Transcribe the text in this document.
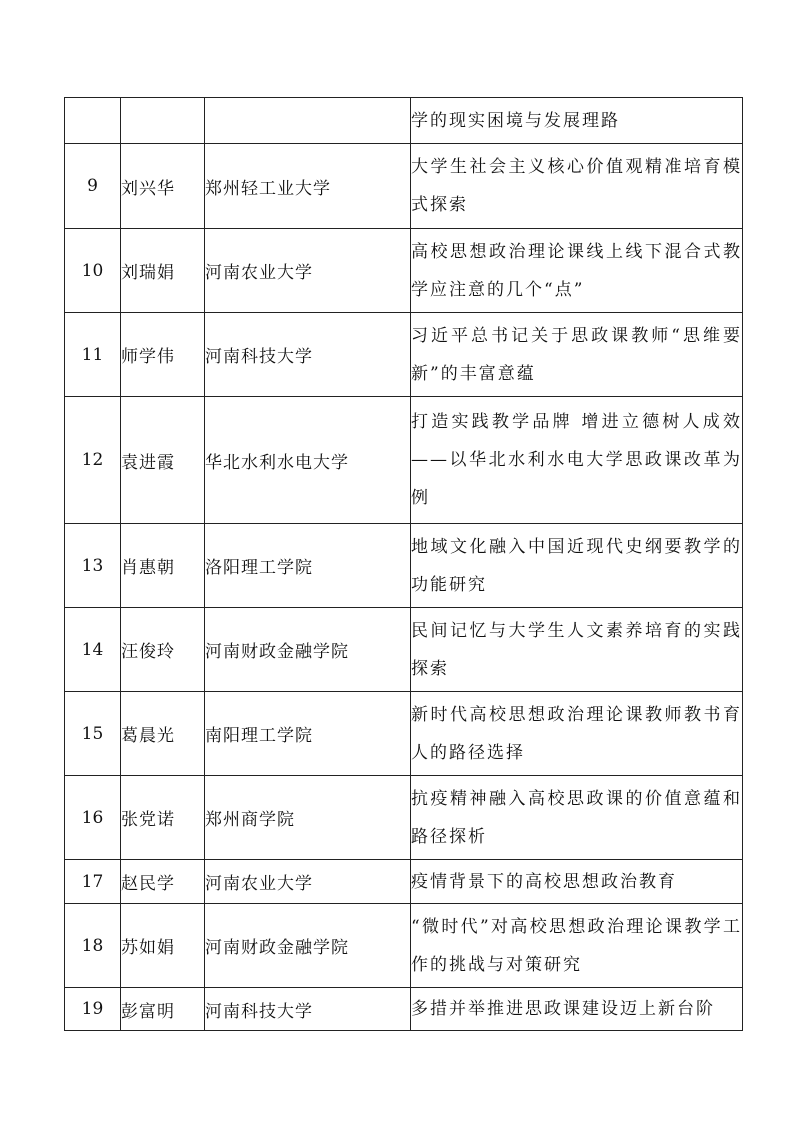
			学的现实困境与发展理路
9	刘兴华	郑州轻工业大学	大学生社会主义核心价值观精准培育模式探索
10	刘瑞娟	河南农业大学	高校思想政治理论课线上线下混合式教学应注意的几个“点”
11	师学伟	河南科技大学	习近平总书记关于思政课教师“思维要新”的丰富意蕴
12	袁进霞	华北水利水电大学	打造实践教学品牌 增进立德树人成效——以华北水利水电大学思政课改革为例
13	肖惠朝	洛阳理工学院	地域文化融入中国近现代史纲要教学的功能研究
14	汪俊玲	河南财政金融学院	民间记忆与大学生人文素养培育的实践探索
15	葛晨光	南阳理工学院	新时代高校思想政治理论课教师教书育人的路径选择
16	张党诺	郑州商学院	抗疫精神融入高校思政课的价值意蕴和路径探析
17	赵民学	河南农业大学	疫情背景下的高校思想政治教育
18	苏如娟	河南财政金融学院	“微时代”对高校思想政治理论课教学工作的挑战与对策研究
19	彭富明	河南科技大学	多措并举推进思政课建设迈上新台阶
